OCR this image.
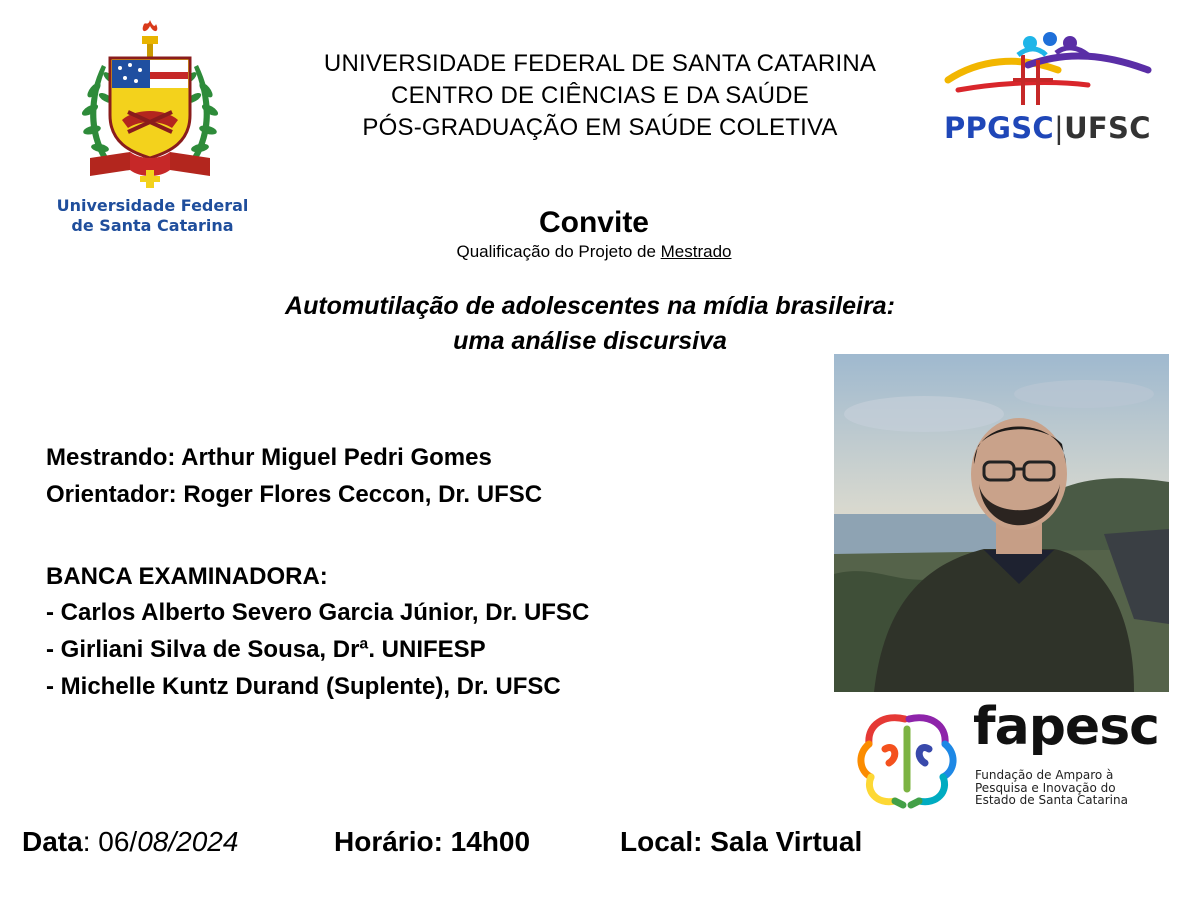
Universidade Federal
de Santa Catarina
UNIVERSIDADE FEDERAL DE SANTA CATARINA
CENTRO DE CIÊNCIAS E DA SAÚDE
PÓS-GRADUAÇÃO EM SAÚDE COLETIVA	PPGSC|UFSC
Convite
Qualificação do Projeto de Mestrado
Automutilação de adolescentes na mídia brasileira:
uma análise discursiva
Mestrando: Arthur Miguel Pedri Gomes
Orientador: Roger Flores Ceccon, Dr. UFSC
BANCA EXAMINADORA:
- Carlos Alberto Severo Garcia Júnior, Dr. UFSC
- Girliani Silva de Sousa, Drª. UNIFESP
- Michelle Kuntz Durand (Suplente), Dr. UFSC
fapesc
Fundação de Amparo à
Pesquisa e Inovação do
Estado de Santa Catarina
Data: 06/08/2024	Horário: 14h00	Local: Sala Virtual
